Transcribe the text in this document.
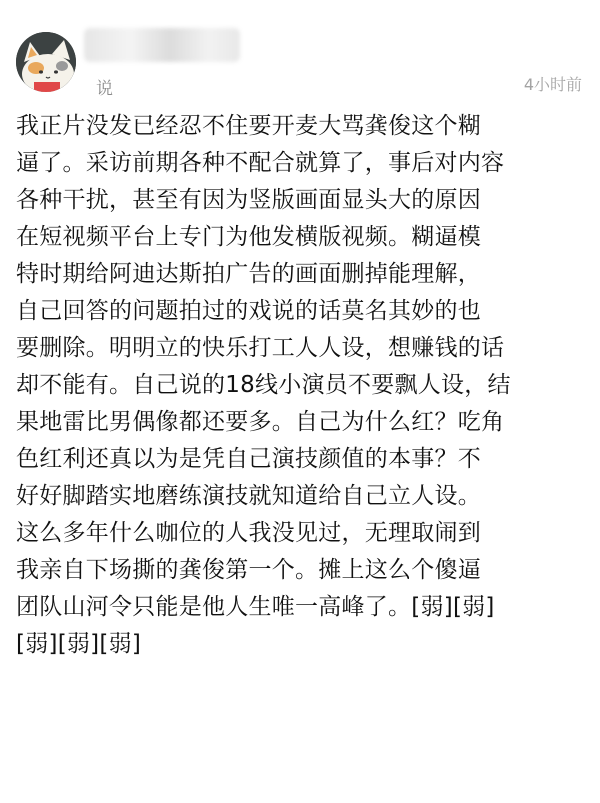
说	4小时前

我正片没发已经忍不住要开麦大骂龚俊这个糊
逼了。采访前期各种不配合就算了，事后对内容
各种干扰，甚至有因为竖版画面显头大的原因
在短视频平台上专门为他发横版视频。糊逼模
特时期给阿迪达斯拍广告的画面删掉能理解，
自己回答的问题拍过的戏说的话莫名其妙的也
要删除。明明立的快乐打工人人设，想赚钱的话
却不能有。自己说的18线小演员不要飘人设，结
果地雷比男偶像都还要多。自己为什么红？吃角
色红利还真以为是凭自己演技颜值的本事？不
好好脚踏实地磨练演技就知道给自己立人设。
这么多年什么咖位的人我没见过，无理取闹到
我亲自下场撕的龚俊第一个。摊上这么个傻逼
团队山河令只能是他人生唯一高峰了。[弱][弱]
[弱][弱][弱]
